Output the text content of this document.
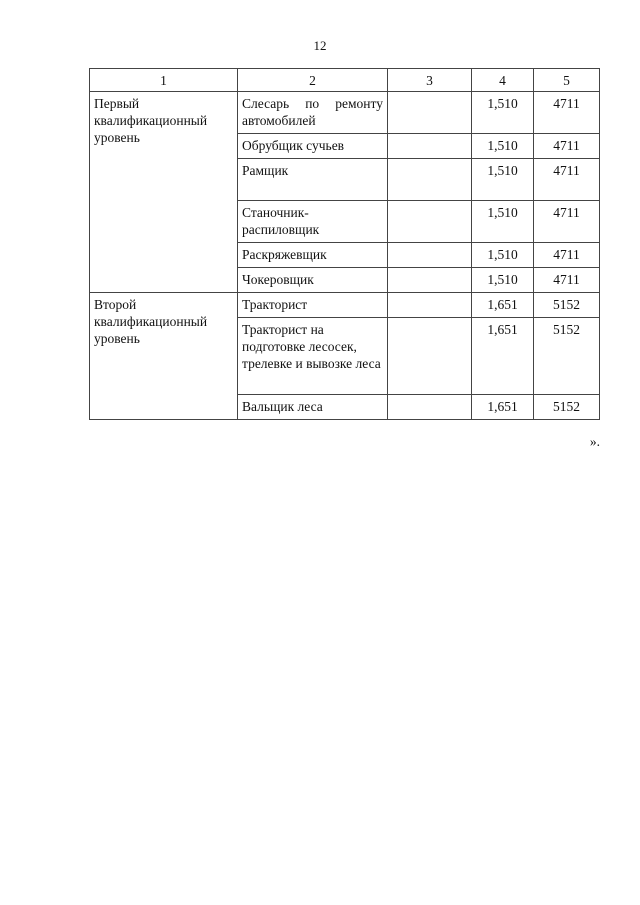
12
1	2	3	4	5
Первый квалификационный уровень	Слесарь по ремонту автомобилей		1,510	4711
	Обрубщик сучьев		1,510	4711
	Рамщик		1,510	4711
	Станочник-распиловщик		1,510	4711
	Раскряжевщик		1,510	4711
	Чокеровщик		1,510	4711
Второй квалификационный уровень	Тракторист		1,651	5152
	Тракторист на подготовке лесосек, трелевке и вывозке леса		1,651	5152
	Вальщик леса		1,651	5152
».
